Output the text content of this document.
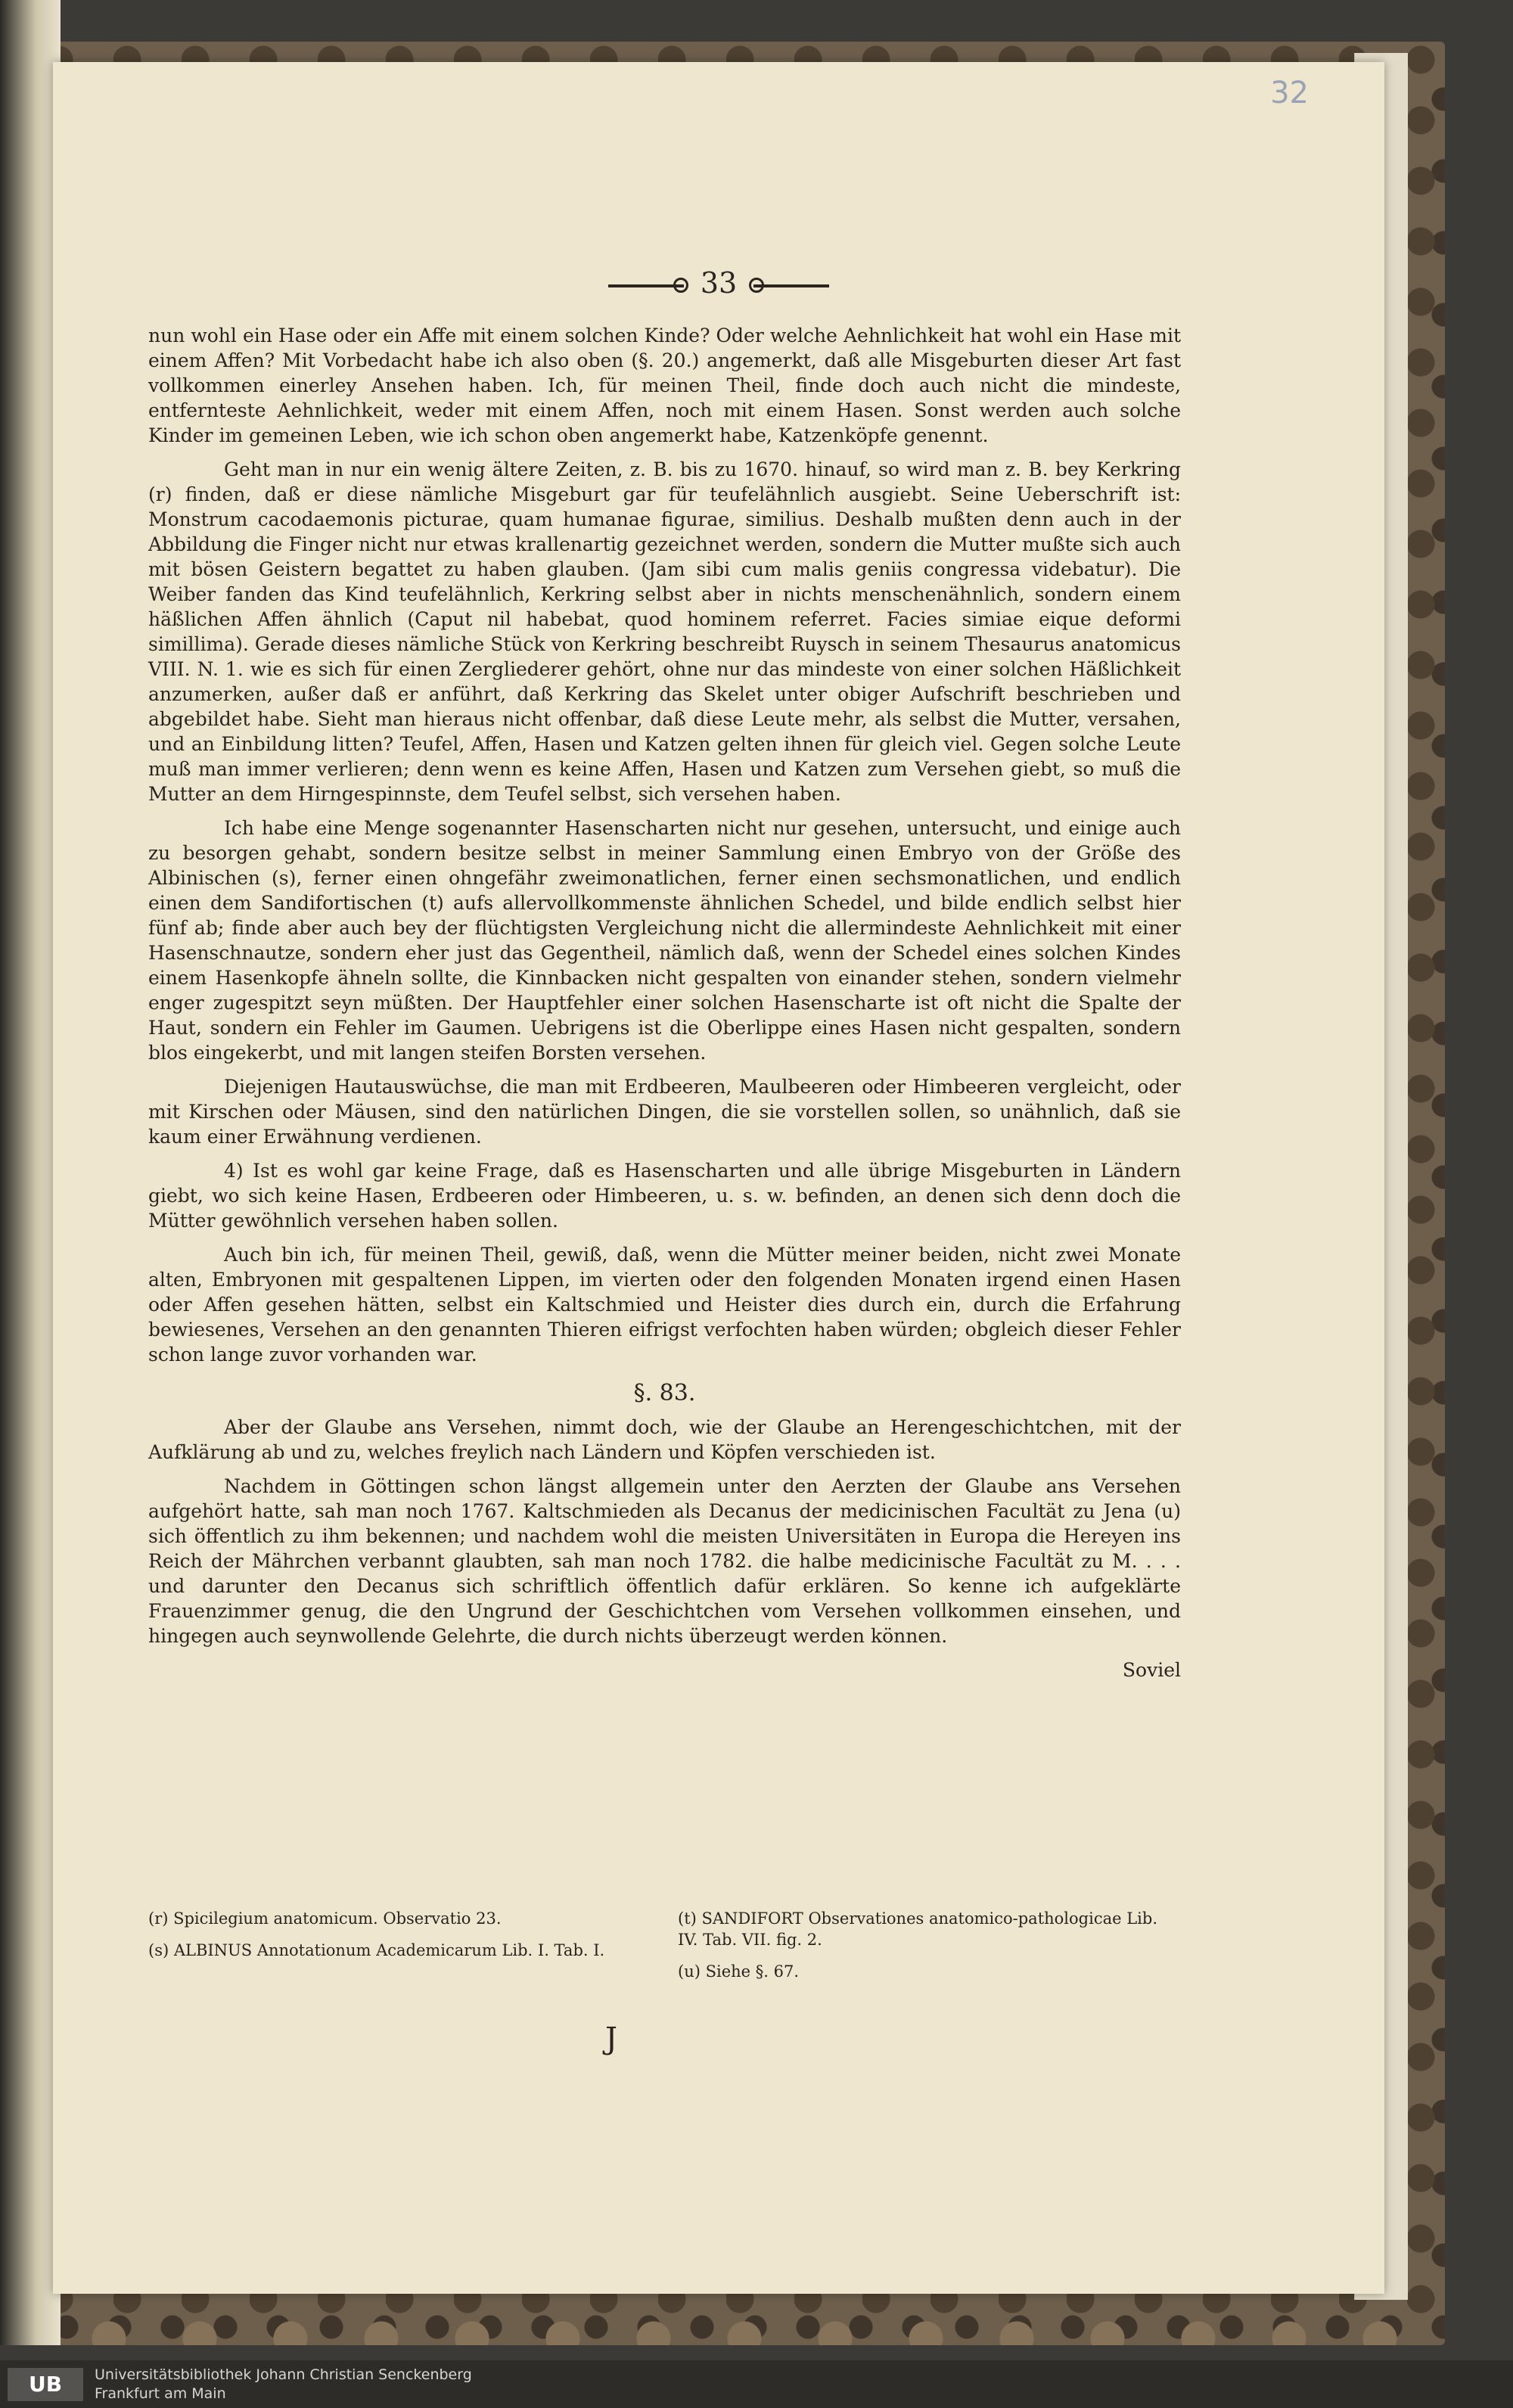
32
33

nun wohl ein Hase oder ein Affe mit einem solchen Kinde? Oder welche Aehnlichkeit hat wohl ein Hase mit einem Affen? Mit Vorbedacht habe ich also oben (§. 20.) angemerkt, daß alle Misgeburten dieser Art fast vollkommen einerley Ansehen haben. Ich, für meinen Theil, finde doch auch nicht die mindeste, entfernteste Aehnlichkeit, weder mit einem Affen, noch mit einem Hasen. Sonst werden auch solche Kinder im gemeinen Leben, wie ich schon oben angemerkt habe, Katzenköpfe genennt.

Geht man in nur ein wenig ältere Zeiten, z. B. bis zu 1670. hinauf, so wird man z. B. bey Kerkring (r) finden, daß er diese nämliche Misgeburt gar für teufelähnlich ausgiebt. Seine Ueberschrift ist: Monstrum cacodaemonis picturae, quam humanae figurae, similius. Deshalb mußten denn auch in der Abbildung die Finger nicht nur etwas krallenartig gezeichnet werden, sondern die Mutter mußte sich auch mit bösen Geistern begattet zu haben glauben. (Jam sibi cum malis geniis congressa videbatur). Die Weiber fanden das Kind teufelähnlich, Kerkring selbst aber in nichts menschenähnlich, sondern einem häßlichen Affen ähnlich (Caput nil habebat, quod hominem referret. Facies simiae eique deformi simillima). Gerade dieses nämliche Stück von Kerkring beschreibt Ruysch in seinem Thesaurus anatomicus VIII. N. 1. wie es sich für einen Zergliederer gehört, ohne nur das mindeste von einer solchen Häßlichkeit anzumerken, außer daß er anführt, daß Kerkring das Skelet unter obiger Aufschrift beschrieben und abgebildet habe. Sieht man hieraus nicht offenbar, daß diese Leute mehr, als selbst die Mutter, versahen, und an Einbildung litten? Teufel, Affen, Hasen und Katzen gelten ihnen für gleich viel. Gegen solche Leute muß man immer verlieren; denn wenn es keine Affen, Hasen und Katzen zum Versehen giebt, so muß die Mutter an dem Hirngespinnste, dem Teufel selbst, sich versehen haben.

Ich habe eine Menge sogenannter Hasenscharten nicht nur gesehen, untersucht, und einige auch zu besorgen gehabt, sondern besitze selbst in meiner Sammlung einen Embryo von der Größe des Albinischen (s), ferner einen ohngefähr zweimonatlichen, ferner einen sechsmonatlichen, und endlich einen dem Sandifortischen (t) aufs allervollkommenste ähnlichen Schedel, und bilde endlich selbst hier fünf ab; finde aber auch bey der flüchtigsten Vergleichung nicht die allermindeste Aehnlichkeit mit einer Hasenschnautze, sondern eher just das Gegentheil, nämlich daß, wenn der Schedel eines solchen Kindes einem Hasenkopfe ähneln sollte, die Kinnbacken nicht gespalten von einander stehen, sondern vielmehr enger zugespitzt seyn müßten. Der Hauptfehler einer solchen Hasenscharte ist oft nicht die Spalte der Haut, sondern ein Fehler im Gaumen. Uebrigens ist die Oberlippe eines Hasen nicht gespalten, sondern blos eingekerbt, und mit langen steifen Borsten versehen.

Diejenigen Hautauswüchse, die man mit Erdbeeren, Maulbeeren oder Himbeeren vergleicht, oder mit Kirschen oder Mäusen, sind den natürlichen Dingen, die sie vorstellen sollen, so unähnlich, daß sie kaum einer Erwähnung verdienen.

4) Ist es wohl gar keine Frage, daß es Hasenscharten und alle übrige Misgeburten in Ländern giebt, wo sich keine Hasen, Erdbeeren oder Himbeeren, u. s. w. befinden, an denen sich denn doch die Mütter gewöhnlich versehen haben sollen.

Auch bin ich, für meinen Theil, gewiß, daß, wenn die Mütter meiner beiden, nicht zwei Monate alten, Embryonen mit gespaltenen Lippen, im vierten oder den folgenden Monaten irgend einen Hasen oder Affen gesehen hätten, selbst ein Kaltschmied und Heister dies durch ein, durch die Erfahrung bewiesenes, Versehen an den genannten Thieren eifrigst verfochten haben würden; obgleich dieser Fehler schon lange zuvor vorhanden war.

§. 83.

Aber der Glaube ans Versehen, nimmt doch, wie der Glaube an Herengeschichtchen, mit der Aufklärung ab und zu, welches freylich nach Ländern und Köpfen verschieden ist.

Nachdem in Göttingen schon längst allgemein unter den Aerzten der Glaube ans Versehen aufgehört hatte, sah man noch 1767. Kaltschmieden als Decanus der medicinischen Facultät zu Jena (u) sich öffentlich zu ihm bekennen; und nachdem wohl die meisten Universitäten in Europa die Hereyen ins Reich der Mährchen verbannt glaubten, sah man noch 1782. die halbe medicinische Facultät zu M. . . . und darunter den Decanus sich schriftlich öffentlich dafür erklären. So kenne ich aufgeklärte Frauenzimmer genug, die den Ungrund der Geschichtchen vom Versehen vollkommen einsehen, und hingegen auch seynwollende Gelehrte, die durch nichts überzeugt werden können.

Soviel

(r) Spicilegium anatomicum. Observatio 23.

(s) ALBINUS Annotationum Academicarum Lib. I. Tab. I.

(t) SANDIFORT Observationes anatomico-pathologicae Lib. IV. Tab. VII. fig. 2.

(u) Siehe §. 67.

J
UB	Universitätsbibliothek Johann Christian Senckenberg
Frankfurt am Main
